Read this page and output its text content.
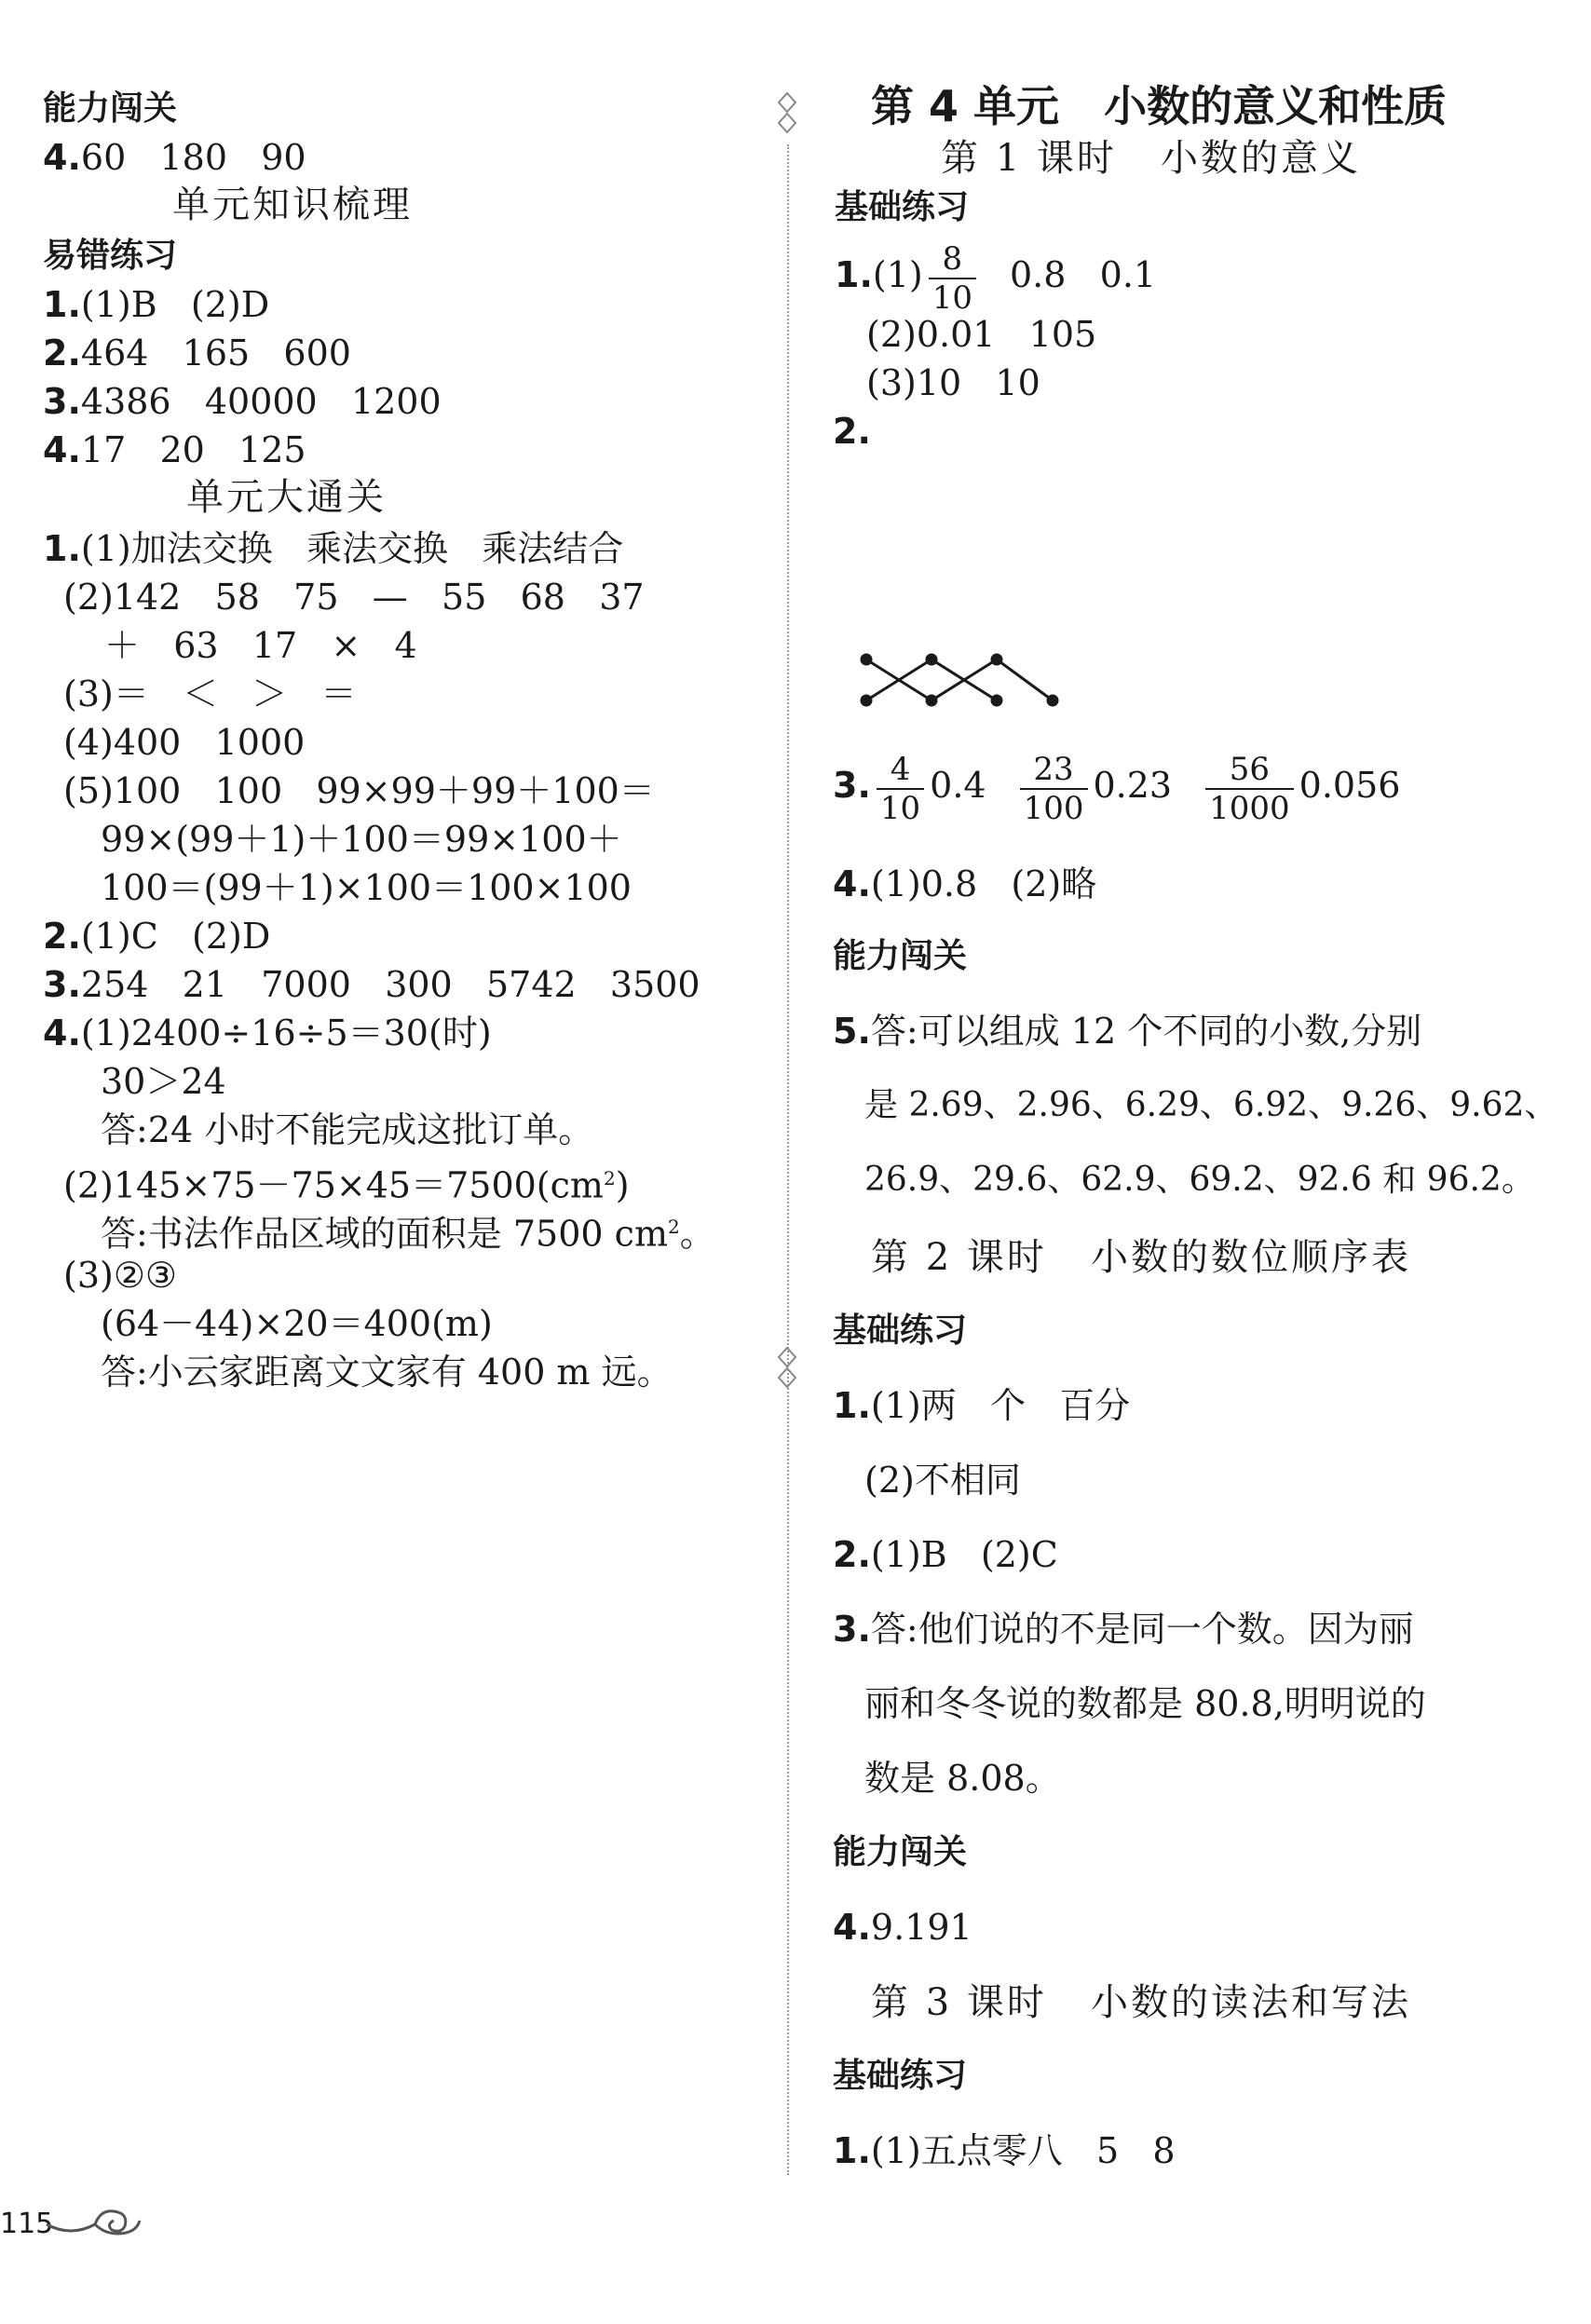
能力闯关
4.60   180   90
单元知识梳理
易错练习
1.(1)B   (2)D
2.464   165   600
3.4386   40000   1200
4.17   20   125
单元大通关
1.(1)加法交换   乘法交换   乘法结合
(2)142   58   75   —   55   68   37
＋   63   17   ×   4
(3)＝   ＜   ＞   ＝
(4)400   1000
(5)100   100   99×99＋99＋100＝
99×(99＋1)＋100＝99×100＋
100＝(99＋1)×100＝100×100
2.(1)C   (2)D
3.254   21   7000   300   5742   3500
4.(1)2400÷16÷5＝30(时)
30＞24
答:24 小时不能完成这批订单。
$(2)145\times 75-75\times 45=7500(cm^2)$
答:书法作品区域的面积是 7500 $cm^2$。
(3)②③
(64－44)×20＝400(m)
答:小云家距离文文家有 400 m 远。
第 4 单元   小数的意义和性质
第 1 课时   小数的意义
基础练习
$1.(1) \frac{8}{10} 0.8$   0.1
(2)0.01   105
(3)10   10
2.
3. $\frac{4}{10} 0.4 \frac{23}{100} 0.23 \frac{56}{1000} 0.056$
4.(1)0.8   (2)略
能力闯关
5.答:可以组成 12 个不同的小数,分别
是 2.69、2.96、6.29、6.92、9.26、9.62、
26.9、29.6、62.9、69.2、92.6 和 96.2。
第 2 课时   小数的数位顺序表
基础练习
1.(1)两   个   百分
(2)不相同
2.(1)B   (2)C
3.答:他们说的不是同一个数。因为丽
丽和冬冬说的数都是 80.8,明明说的
数是 8.08。
能力闯关
4.9.191
第 3 课时   小数的读法和写法
基础练习
1.(1)五点零八   5   8
115
